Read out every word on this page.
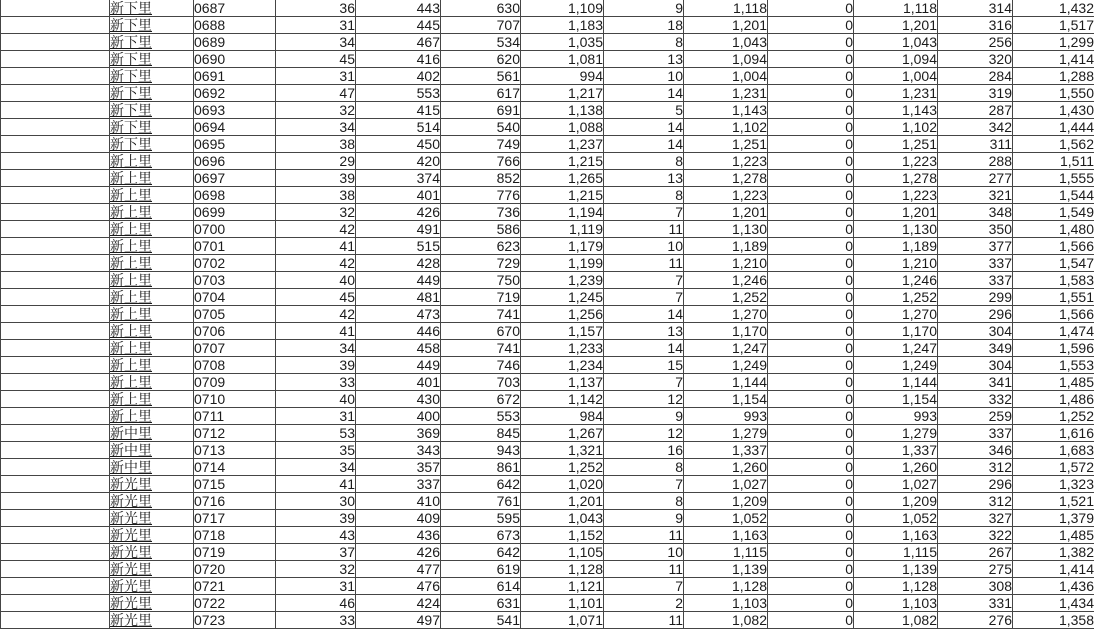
	新下里	0687	36	443	630	1,109	9	1,118	0	1,118	314	1,432
	新下里	0688	31	445	707	1,183	18	1,201	0	1,201	316	1,517
	新下里	0689	34	467	534	1,035	8	1,043	0	1,043	256	1,299
	新下里	0690	45	416	620	1,081	13	1,094	0	1,094	320	1,414
	新下里	0691	31	402	561	994	10	1,004	0	1,004	284	1,288
	新下里	0692	47	553	617	1,217	14	1,231	0	1,231	319	1,550
	新下里	0693	32	415	691	1,138	5	1,143	0	1,143	287	1,430
	新下里	0694	34	514	540	1,088	14	1,102	0	1,102	342	1,444
	新下里	0695	38	450	749	1,237	14	1,251	0	1,251	311	1,562
	新上里	0696	29	420	766	1,215	8	1,223	0	1,223	288	1,511
	新上里	0697	39	374	852	1,265	13	1,278	0	1,278	277	1,555
	新上里	0698	38	401	776	1,215	8	1,223	0	1,223	321	1,544
	新上里	0699	32	426	736	1,194	7	1,201	0	1,201	348	1,549
	新上里	0700	42	491	586	1,119	11	1,130	0	1,130	350	1,480
	新上里	0701	41	515	623	1,179	10	1,189	0	1,189	377	1,566
	新上里	0702	42	428	729	1,199	11	1,210	0	1,210	337	1,547
	新上里	0703	40	449	750	1,239	7	1,246	0	1,246	337	1,583
	新上里	0704	45	481	719	1,245	7	1,252	0	1,252	299	1,551
	新上里	0705	42	473	741	1,256	14	1,270	0	1,270	296	1,566
	新上里	0706	41	446	670	1,157	13	1,170	0	1,170	304	1,474
	新上里	0707	34	458	741	1,233	14	1,247	0	1,247	349	1,596
	新上里	0708	39	449	746	1,234	15	1,249	0	1,249	304	1,553
	新上里	0709	33	401	703	1,137	7	1,144	0	1,144	341	1,485
	新上里	0710	40	430	672	1,142	12	1,154	0	1,154	332	1,486
	新上里	0711	31	400	553	984	9	993	0	993	259	1,252
	新中里	0712	53	369	845	1,267	12	1,279	0	1,279	337	1,616
	新中里	0713	35	343	943	1,321	16	1,337	0	1,337	346	1,683
	新中里	0714	34	357	861	1,252	8	1,260	0	1,260	312	1,572
	新光里	0715	41	337	642	1,020	7	1,027	0	1,027	296	1,323
	新光里	0716	30	410	761	1,201	8	1,209	0	1,209	312	1,521
	新光里	0717	39	409	595	1,043	9	1,052	0	1,052	327	1,379
	新光里	0718	43	436	673	1,152	11	1,163	0	1,163	322	1,485
	新光里	0719	37	426	642	1,105	10	1,115	0	1,115	267	1,382
	新光里	0720	32	477	619	1,128	11	1,139	0	1,139	275	1,414
	新光里	0721	31	476	614	1,121	7	1,128	0	1,128	308	1,436
	新光里	0722	46	424	631	1,101	2	1,103	0	1,103	331	1,434
	新光里	0723	33	497	541	1,071	11	1,082	0	1,082	276	1,358
